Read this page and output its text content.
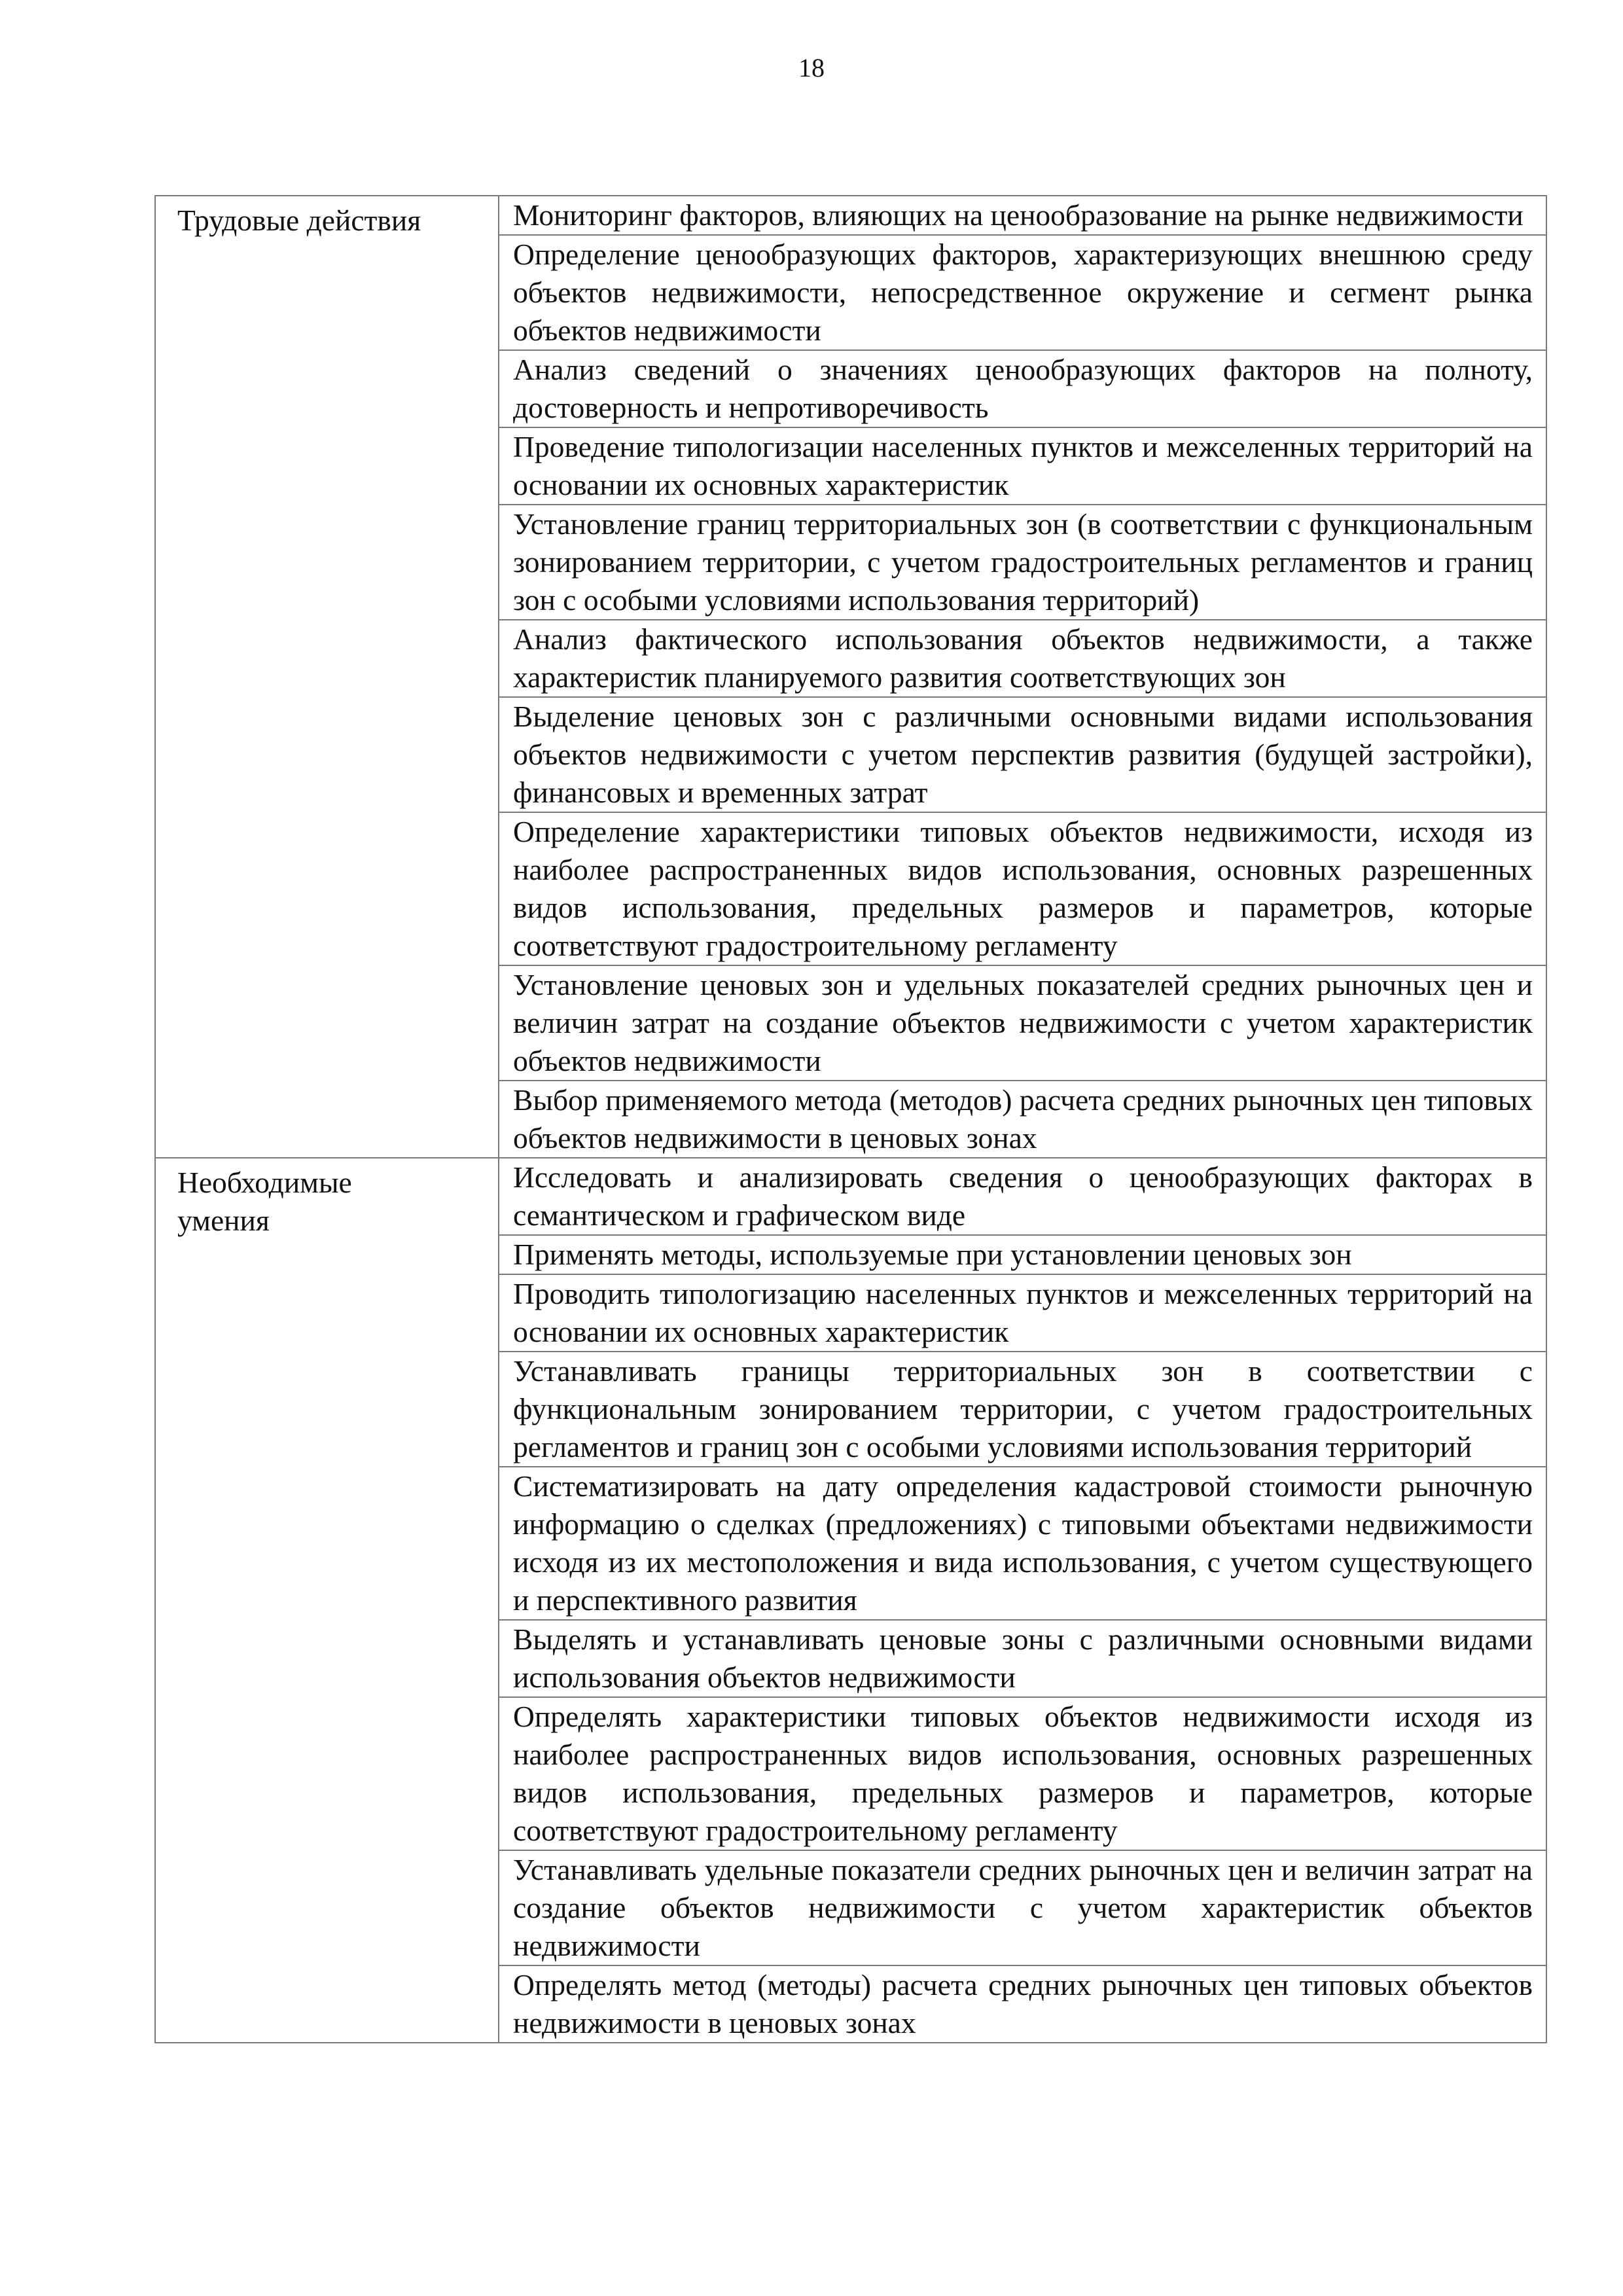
18
Трудовые действия	Мониторинг факторов, влияющих на ценообразование на рынке недвижимости
	Определение ценообразующих факторов, характеризующих внешнюю среду объектов недвижимости, непосредственное окружение и сегмент рынка объектов недвижимости
	Анализ сведений о значениях ценообразующих факторов на полноту, достоверность и непротиворечивость
	Проведение типологизации населенных пунктов и межселенных территорий на основании их основных характеристик
	Установление границ территориальных зон (в соответствии с функциональным зонированием территории, с учетом градостроительных регламентов и границ зон с особыми условиями использования территорий)
	Анализ фактического использования объектов недвижимости, а также характеристик планируемого развития соответствующих зон
	Выделение ценовых зон с различными основными видами использования объектов недвижимости с учетом перспектив развития (будущей застройки), финансовых и временных затрат
	Определение характеристики типовых объектов недвижимости, исходя из наиболее распространенных видов использования, основных разрешенных видов использования, предельных размеров и параметров, которые соответствуют градостроительному регламенту
	Установление ценовых зон и удельных показателей средних рыночных цен и величин затрат на создание объектов недвижимости с учетом характеристик объектов недвижимости
	Выбор применяемого метода (методов) расчета средних рыночных цен типовых объектов недвижимости в ценовых зонах

Необходимые умения	Исследовать и анализировать сведения о ценообразующих факторах в семантическом и графическом виде
	Применять методы, используемые при установлении ценовых зон
	Проводить типологизацию населенных пунктов и межселенных территорий на основании их основных характеристик
	Устанавливать границы территориальных зон в соответствии с функциональным зонированием территории, с учетом градостроительных регламентов и границ зон с особыми условиями использования территорий
	Систематизировать на дату определения кадастровой стоимости рыночную информацию о сделках (предложениях) с типовыми объектами недвижимости исходя из их местоположения и вида использования, с учетом существующего и перспективного развития
	Выделять и устанавливать ценовые зоны с различными основными видами использования объектов недвижимости
	Определять характеристики типовых объектов недвижимости исходя из наиболее распространенных видов использования, основных разрешенных видов использования, предельных размеров и параметров, которые соответствуют градостроительному регламенту
	Устанавливать удельные показатели средних рыночных цен и величин затрат на создание объектов недвижимости с учетом характеристик объектов недвижимости
	Определять метод (методы) расчета средних рыночных цен типовых объектов недвижимости в ценовых зонах
